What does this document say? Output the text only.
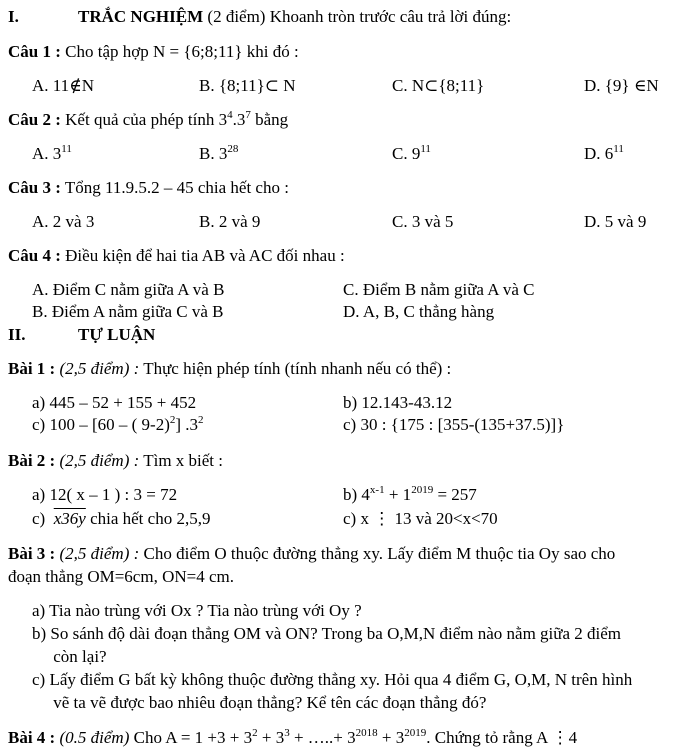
I.	TRẮC NGHIỆM (2 điểm) Khoanh tròn trước câu trả lời đúng:
Câu 1 : Cho tập hợp N = {6;8;11} khi đó :
A. 11∉N	B. {8;11}⊂ N	C. N⊂{8;11}	D. {9} ∈N
Câu 2 : Kết quả của phép tính $3^4.3^7$ bằng
A. $3^{11}$	B. $3^{28}$	C. $9^{11}$	D. $6^{11}$
Câu 3 : Tổng 11.9.5.2 – 45 chia hết cho :
A. 2 và 3	B. 2 và 9	C. 3 và 5	D. 5 và 9
Câu 4 : Điều kiện để hai tia AB và AC đối nhau :
A. Điểm C nằm giữa A và B	C. Điểm B nằm giữa A và C
B. Điểm A nằm giữa C và B	D. A, B, C thẳng hàng
II.	TỰ LUẬN
Bài 1 : (2,5 điểm) : Thực hiện phép tính (tính nhanh nếu có thể) :
a) 445 – 52 + 155 + 452	b) 12.143-43.12
c) 100 – [60 – ( 9-2)$^2$] $.3^2$	c) 30 : {175 : [355-(135+37.5)]}
Bài 2 : (2,5 điểm) : Tìm x biết :
a) 12( x – 1 ) : 3 = 72	b) $4^{x-1} + 1^{2019} = 257$
c)  x36y chia hết cho 2,5,9	c) x ⋮ 13 và 20<x<70
Bài 3 : (2,5 điểm) : Cho điểm O thuộc đường thẳng xy. Lấy điểm M thuộc tia Oy sao cho
đoạn thẳng OM=6cm, ON=4 cm.
a) Tia nào trùng với Ox ? Tia nào trùng với Oy ?
b) So sánh độ dài đoạn thẳng OM và ON? Trong ba O,M,N điểm nào nằm giữa 2 điểm
còn lại?
c) Lấy điểm G bất kỳ không thuộc đường thẳng xy. Hỏi qua 4 điểm G, O,M, N trên hình
vẽ ta vẽ được bao nhiêu đoạn thẳng? Kể tên các đoạn thẳng đó?
Bài 4 : (0.5 điểm) Cho $A = 1 +3 + 3^2 + 3^3$ + …..+ $3^{2018} + 3^{2019}$. Chứng tỏ rằng A ⋮4
